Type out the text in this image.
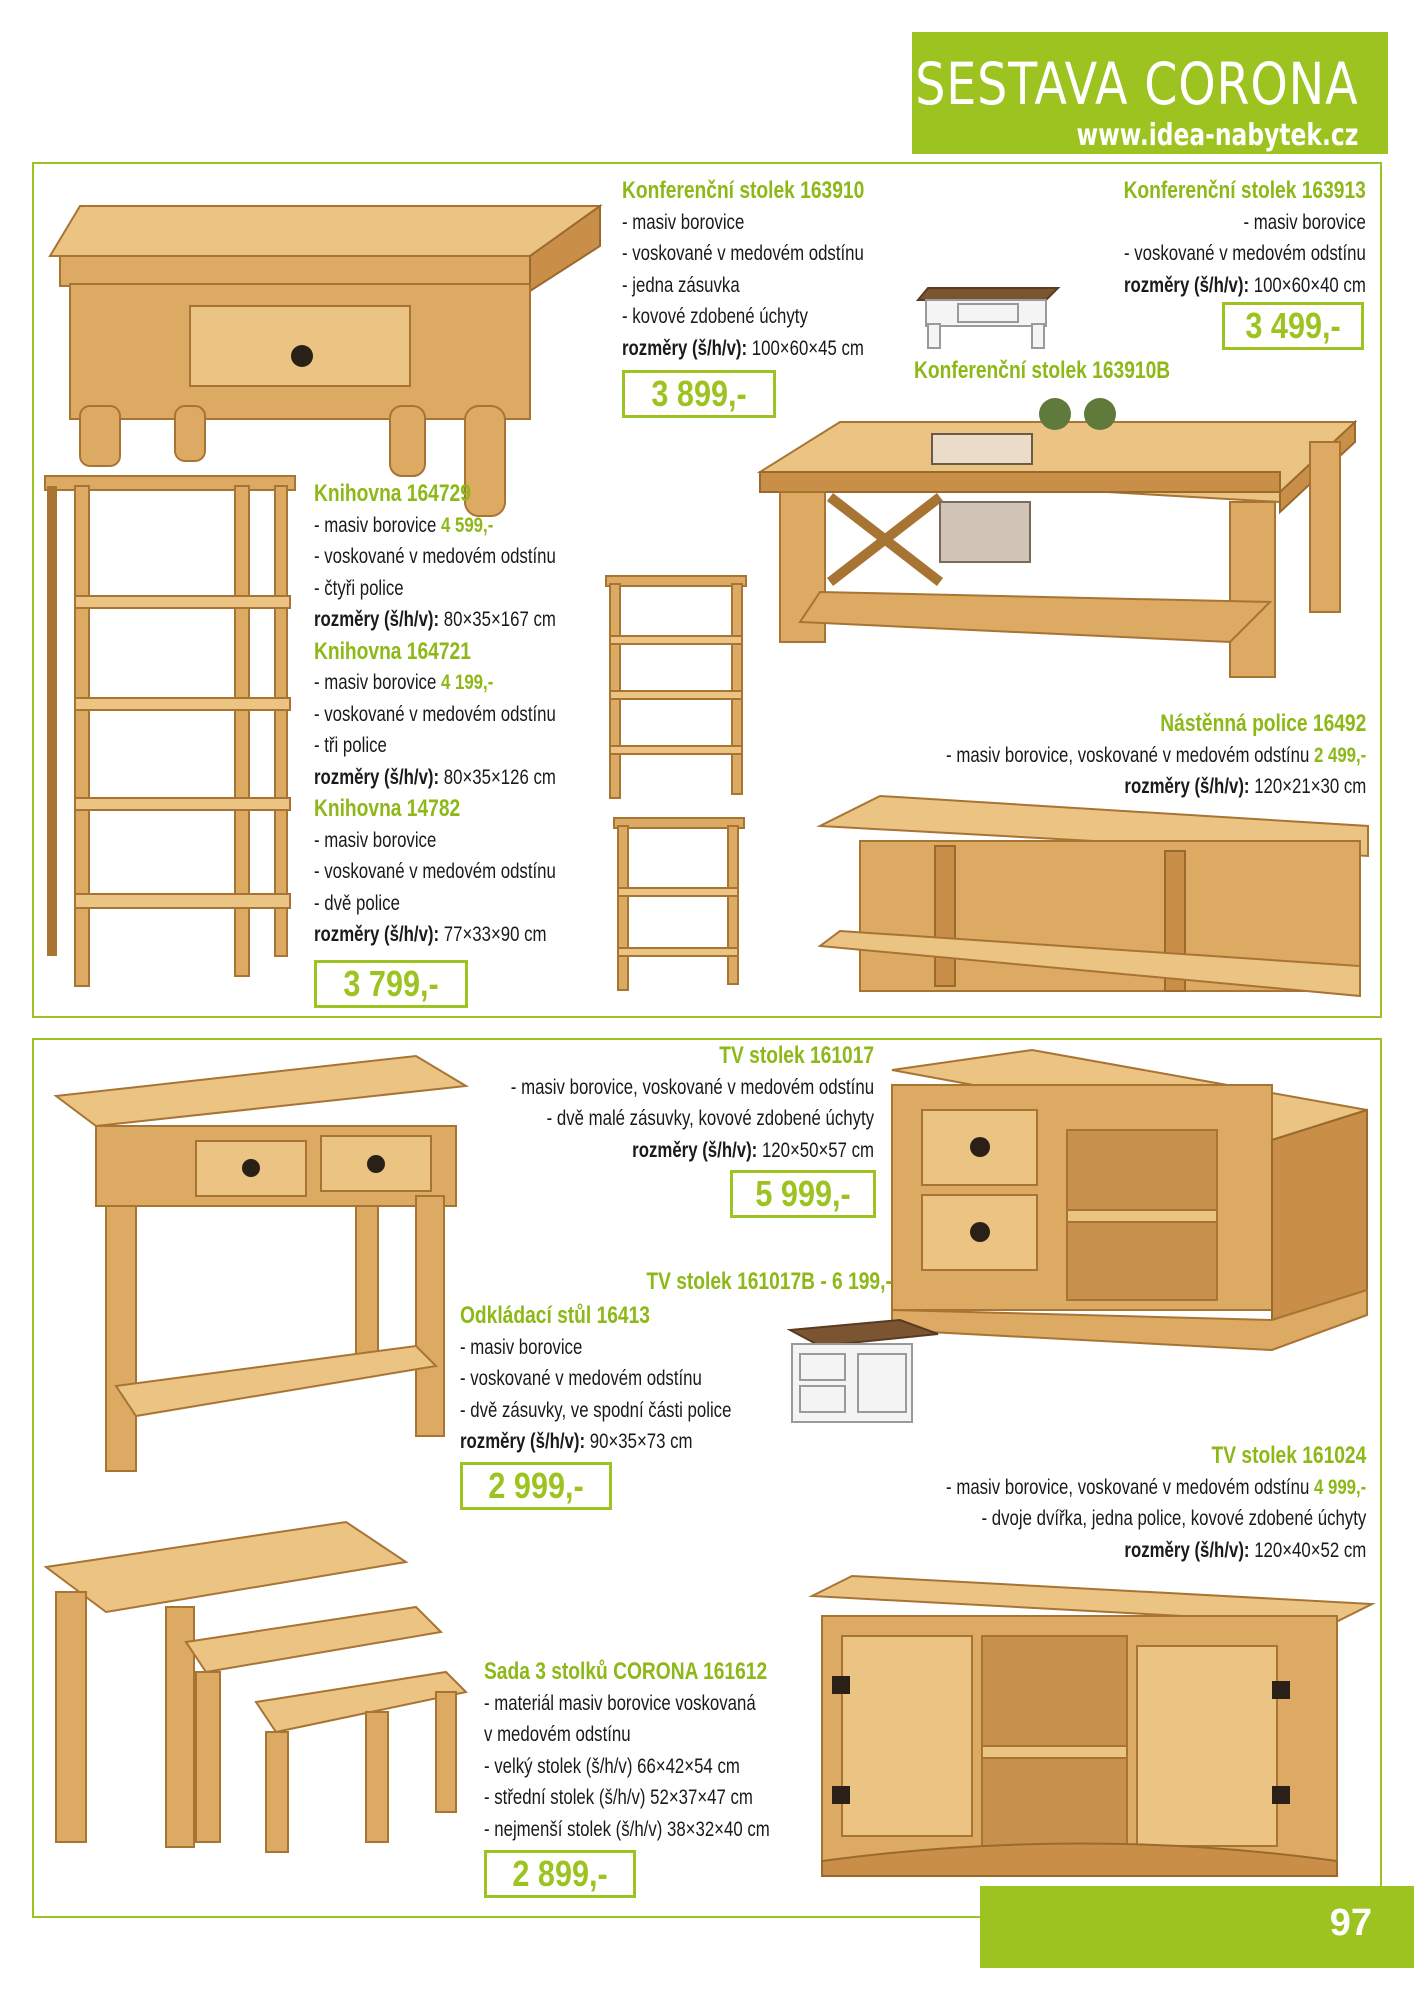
SESTAVA CORONA
www.idea-nabytek.cz
Konferenční stolek 163910
- masiv borovice
- voskované v medovém odstínu
- jedna zásuvka
- kovové zdobené úchyty
rozměry (š/h/v): 100×60×45 cm
3 899,-
Konferenční stolek 163913
- masiv borovice
- voskované v medovém odstínu
rozměry (š/h/v): 100×60×40 cm
3 499,-
Konferenční stolek 163910B
Knihovna 164729
- masiv borovice 4 599,-
- voskované v medovém odstínu
- čtyři police
rozměry (š/h/v): 80×35×167 cm
Knihovna 164721
- masiv borovice 4 199,-
- voskované v medovém odstínu
- tři police
rozměry (š/h/v): 80×35×126 cm
Knihovna 14782
- masiv borovice
- voskované v medovém odstínu
- dvě police
rozměry (š/h/v): 77×33×90 cm
3 799,-
Nástěnná police 16492
- masiv borovice, voskované v medovém odstínu 2 499,-
rozměry (š/h/v): 120×21×30 cm
TV stolek 161017
- masiv borovice, voskované v medovém odstínu
- dvě malé zásuvky, kovové zdobené úchyty
rozměry (š/h/v): 120×50×57 cm
5 999,-
TV stolek 161017B - 6 199,-
Odkládací stůl 16413
- masiv borovice
- voskované v medovém odstínu
- dvě zásuvky, ve spodní části police
rozměry (š/h/v): 90×35×73 cm
2 999,-
TV stolek 161024
- masiv borovice, voskované v medovém odstínu 4 999,-
- dvoje dvířka, jedna police, kovové zdobené úchyty
rozměry (š/h/v): 120×40×52 cm
Sada 3 stolků CORONA 161612
- materiál masiv borovice voskovaná
v medovém odstínu
- velký stolek (š/h/v) 66×42×54 cm
- střední stolek (š/h/v) 52×37×47 cm
- nejmenší stolek (š/h/v) 38×32×40 cm
2 899,-
97
